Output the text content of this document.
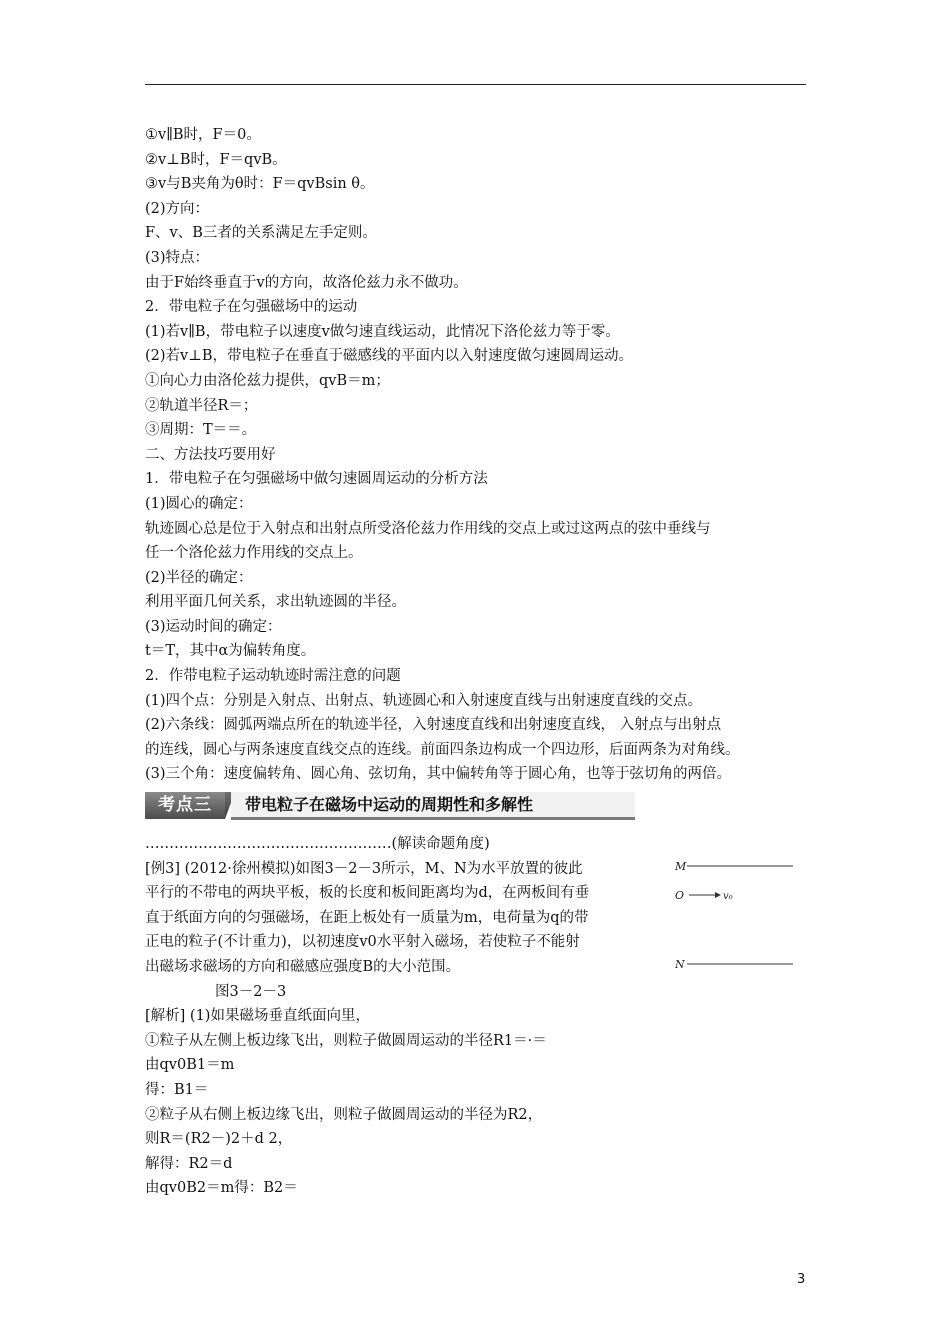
①v∥B时，F＝0。
②v⊥B时，F＝qvB。
③v与B夹角为θ时：F＝qvBsin θ。
(2)方向：
F、v、B三者的关系满足左手定则。
(3)特点：
由于F始终垂直于v的方向，故洛伦兹力永不做功。
2．带电粒子在匀强磁场中的运动
(1)若v∥B，带电粒子以速度v做匀速直线运动，此情况下洛伦兹力等于零。
(2)若v⊥B，带电粒子在垂直于磁感线的平面内以入射速度做匀速圆周运动。
①向心力由洛伦兹力提供，qvB＝m；
②轨道半径R＝；
③周期：T＝＝。
二、方法技巧要用好
1．带电粒子在匀强磁场中做匀速圆周运动的分析方法
(1)圆心的确定：
轨迹圆心总是位于入射点和出射点所受洛伦兹力作用线的交点上或过这两点的弦中垂线与
任一个洛伦兹力作用线的交点上。
(2)半径的确定：
利用平面几何关系，求出轨迹圆的半径。
(3)运动时间的确定：
t＝T，其中α为偏转角度。
2．作带电粒子运动轨迹时需注意的问题
(1)四个点：分别是入射点、出射点、轨迹圆心和入射速度直线与出射速度直线的交点。
(2)六条线：圆弧两端点所在的轨迹半径，入射速度直线和出射速度直线， 入射点与出射点
的连线，圆心与两条速度直线交点的连线。前面四条边构成一个四边形，后面两条为对角线。
(3)三个角：速度偏转角、圆心角、弦切角，其中偏转角等于圆心角，也等于弦切角的两倍。
考点三	带电粒子在磁场中运动的周期性和多解性
……………………………………………(解读命题角度)
[例3] (2012·徐州模拟)如图3－2－3所示，M、N为水平放置的彼此
平行的不带电的两块平板，板的长度和板间距离均为d，在两板间有垂
直于纸面方向的匀强磁场，在距上板处有一质量为m，电荷量为q的带
正电的粒子(不计重力)，以初速度v0水平射入磁场，若使粒子不能射
出磁场求磁场的方向和磁感应强度B的大小范围。
M
O	v₀
N
图3－2－3
[解析] (1)如果磁场垂直纸面向里，
①粒子从左侧上板边缘飞出，则粒子做圆周运动的半径R1＝·＝
由qv0B1＝m
得：B1＝
②粒子从右侧上板边缘飞出，则粒子做圆周运动的半径为R2，
则R＝(R2－)2＋d 2，
解得：R2＝d
由qv0B2＝m得：B2＝
3
